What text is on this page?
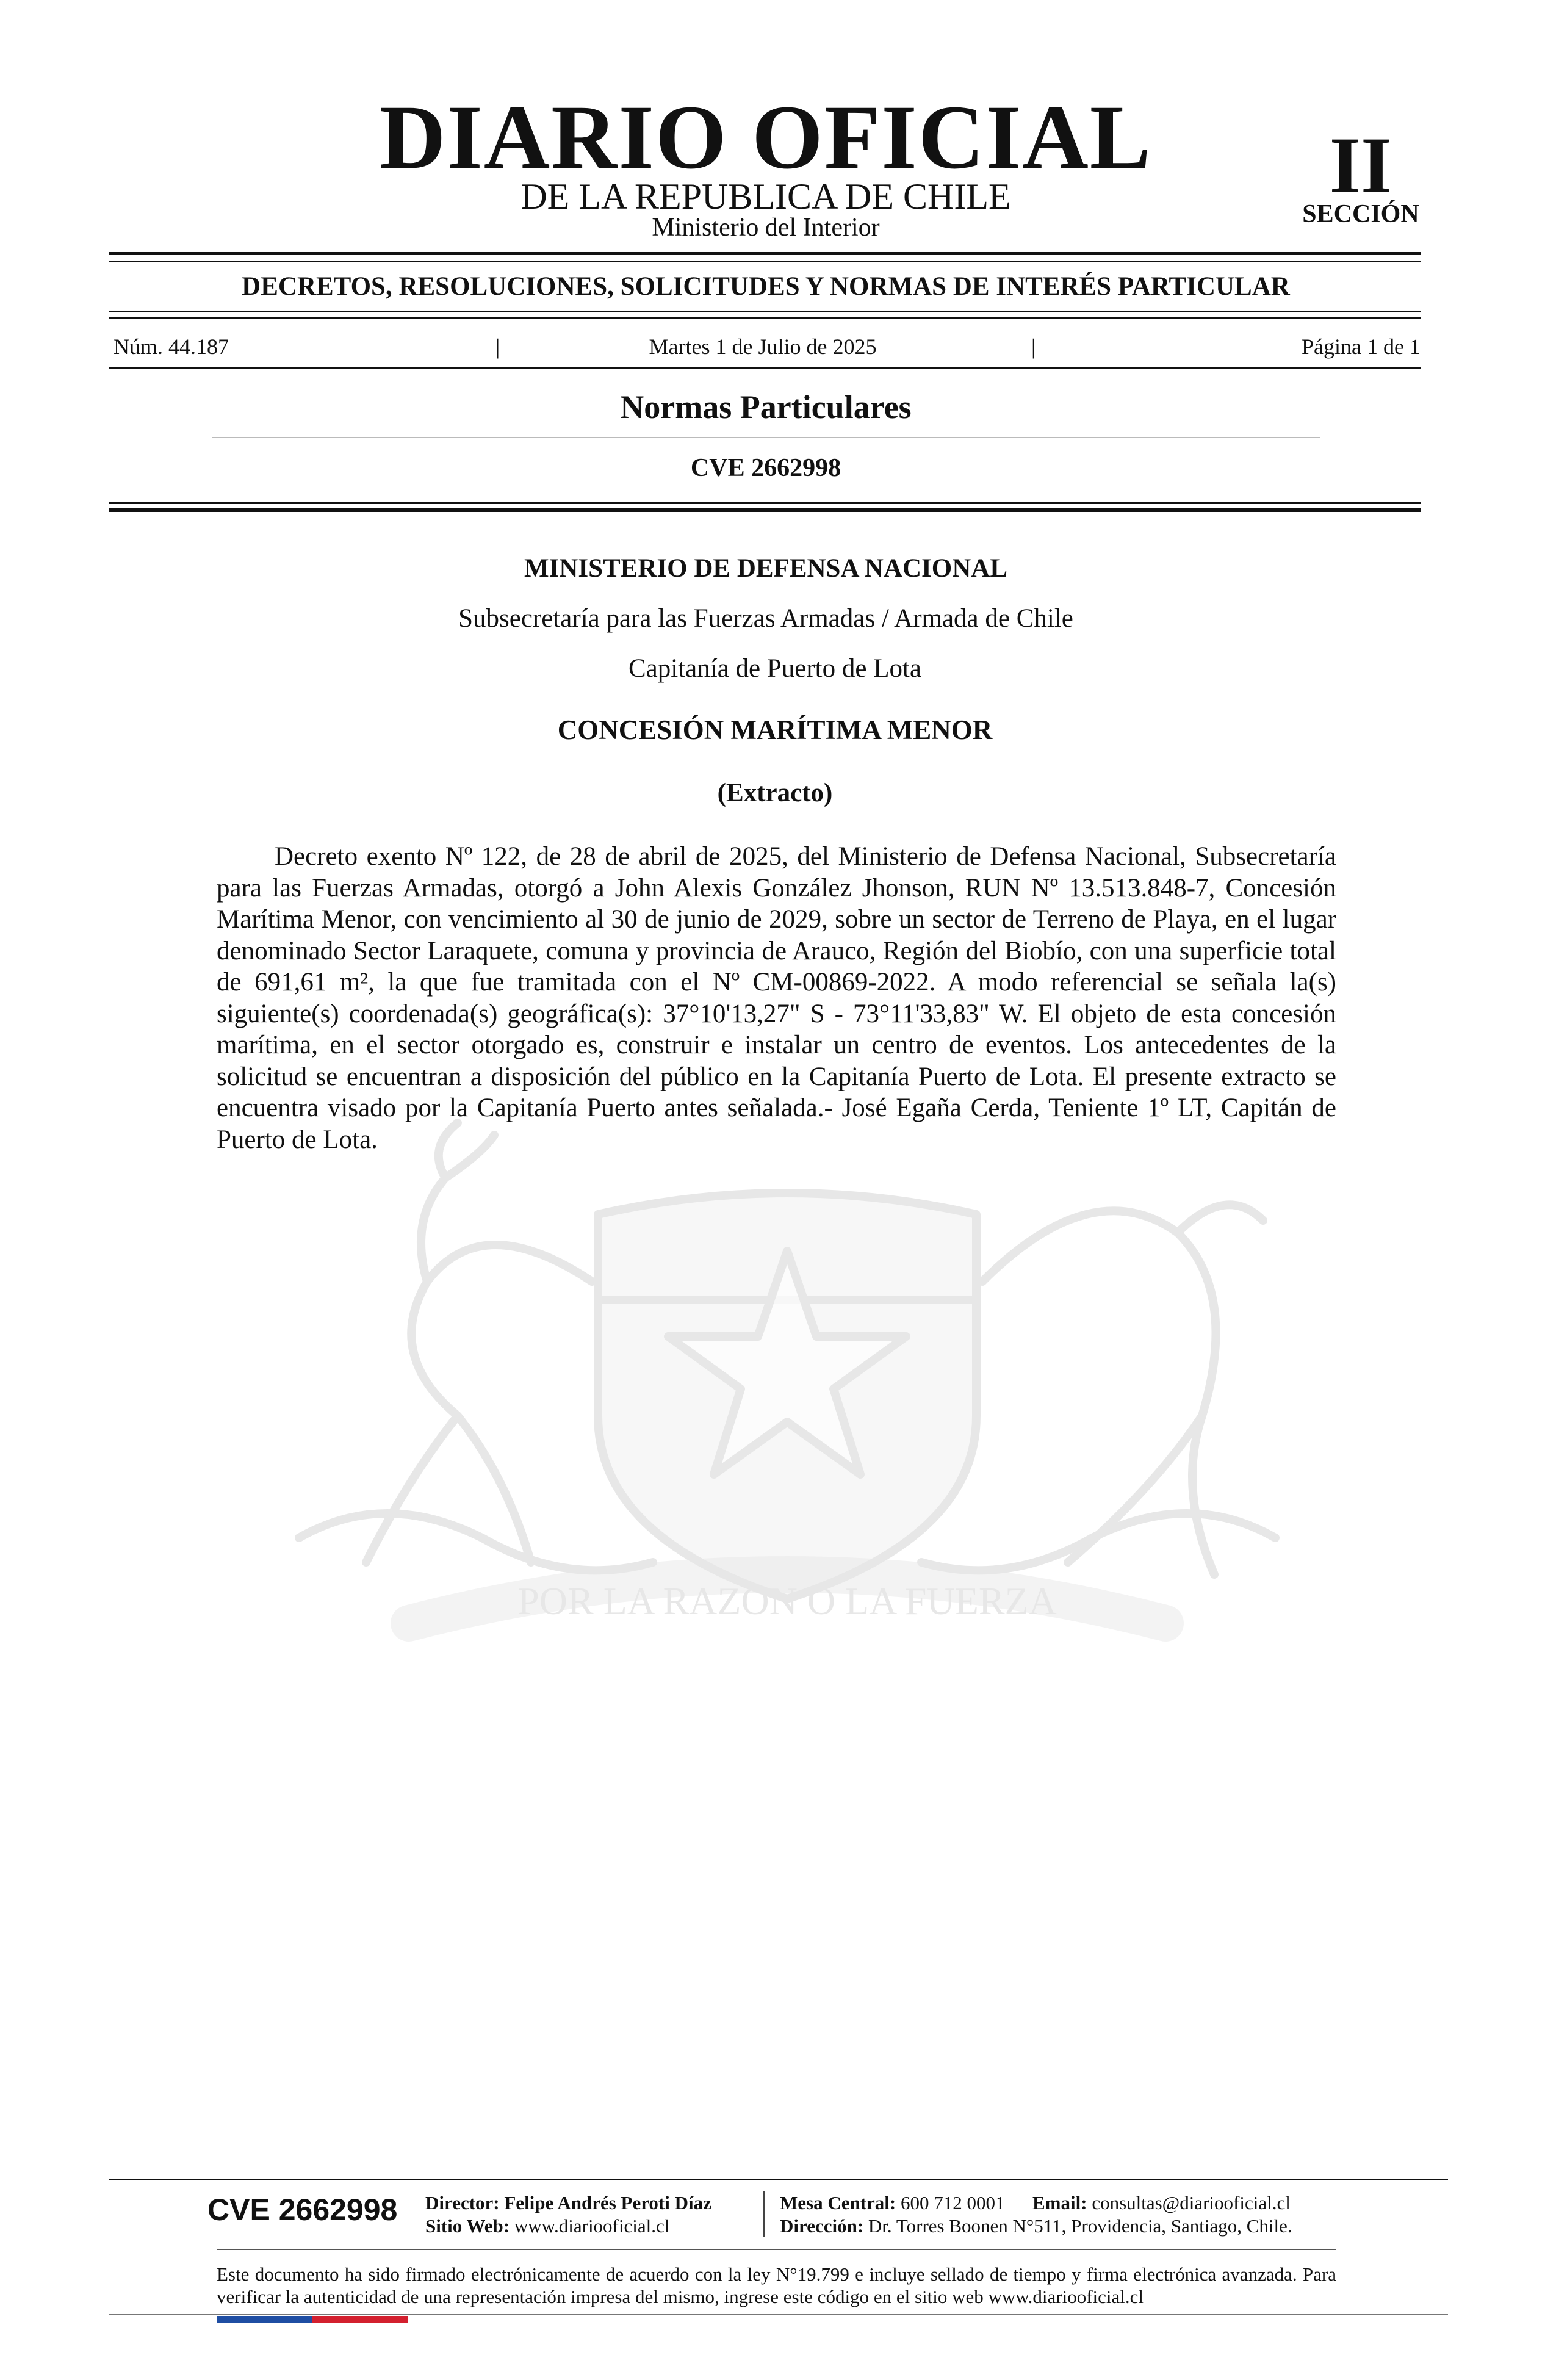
DIARIO OFICIAL
DE LA REPUBLICA DE CHILE
Ministerio del Interior
II
SECCIÓN
DECRETOS, RESOLUCIONES, SOLICITUDES Y NORMAS DE INTERÉS PARTICULAR
Núm. 44.187	|	Martes 1 de Julio de 2025	|	Página 1 de 1
Normas Particulares
CVE 2662998
POR LA RAZON O LA FUERZA
MINISTERIO DE DEFENSA NACIONAL
Subsecretaría para las Fuerzas Armadas / Armada de Chile
Capitanía de Puerto de Lota
CONCESIÓN MARÍTIMA MENOR
(Extracto)

Decreto exento Nº 122, de 28 de abril de 2025, del Ministerio de Defensa Nacional, Subsecretaría para las Fuerzas Armadas, otorgó a John Alexis González Jhonson, RUN Nº 13.513.848-7, Concesión Marítima Menor, con vencimiento al 30 de junio de 2029, sobre un sector de Terreno de Playa, en el lugar denominado Sector Laraquete, comuna y provincia de Arauco, Región del Biobío, con una superficie total de 691,61 m², la que fue tramitada con el Nº CM-00869-2022. A modo referencial se señala la(s) siguiente(s) coordenada(s) geográfica(s): 37°10'13,27" S - 73°11'33,83" W. El objeto de esta concesión marítima, en el sector otorgado es, construir e instalar un centro de eventos. Los antecedentes de la solicitud se encuentran a disposición del público en la Capitanía Puerto de Lota. El presente extracto se encuentra visado por la Capitanía Puerto antes señalada.- José Egaña Cerda, Teniente 1º LT, Capitán de Puerto de Lota.

CVE 2662998 Director: Felipe Andrés Peroti Díaz
Sitio Web: www.diariooficial.cl
Mesa Central: 600 712 0001 Email: consultas@diariooficial.cl
Dirección: Dr. Torres Boonen N°511, Providencia, Santiago, Chile.

Este documento ha sido firmado electrónicamente de acuerdo con la ley N°19.799 e incluye sellado de tiempo y firma electrónica avanzada. Para verificar la autenticidad de una representación impresa del mismo, ingrese este código en el sitio web www.diariooficial.cl
